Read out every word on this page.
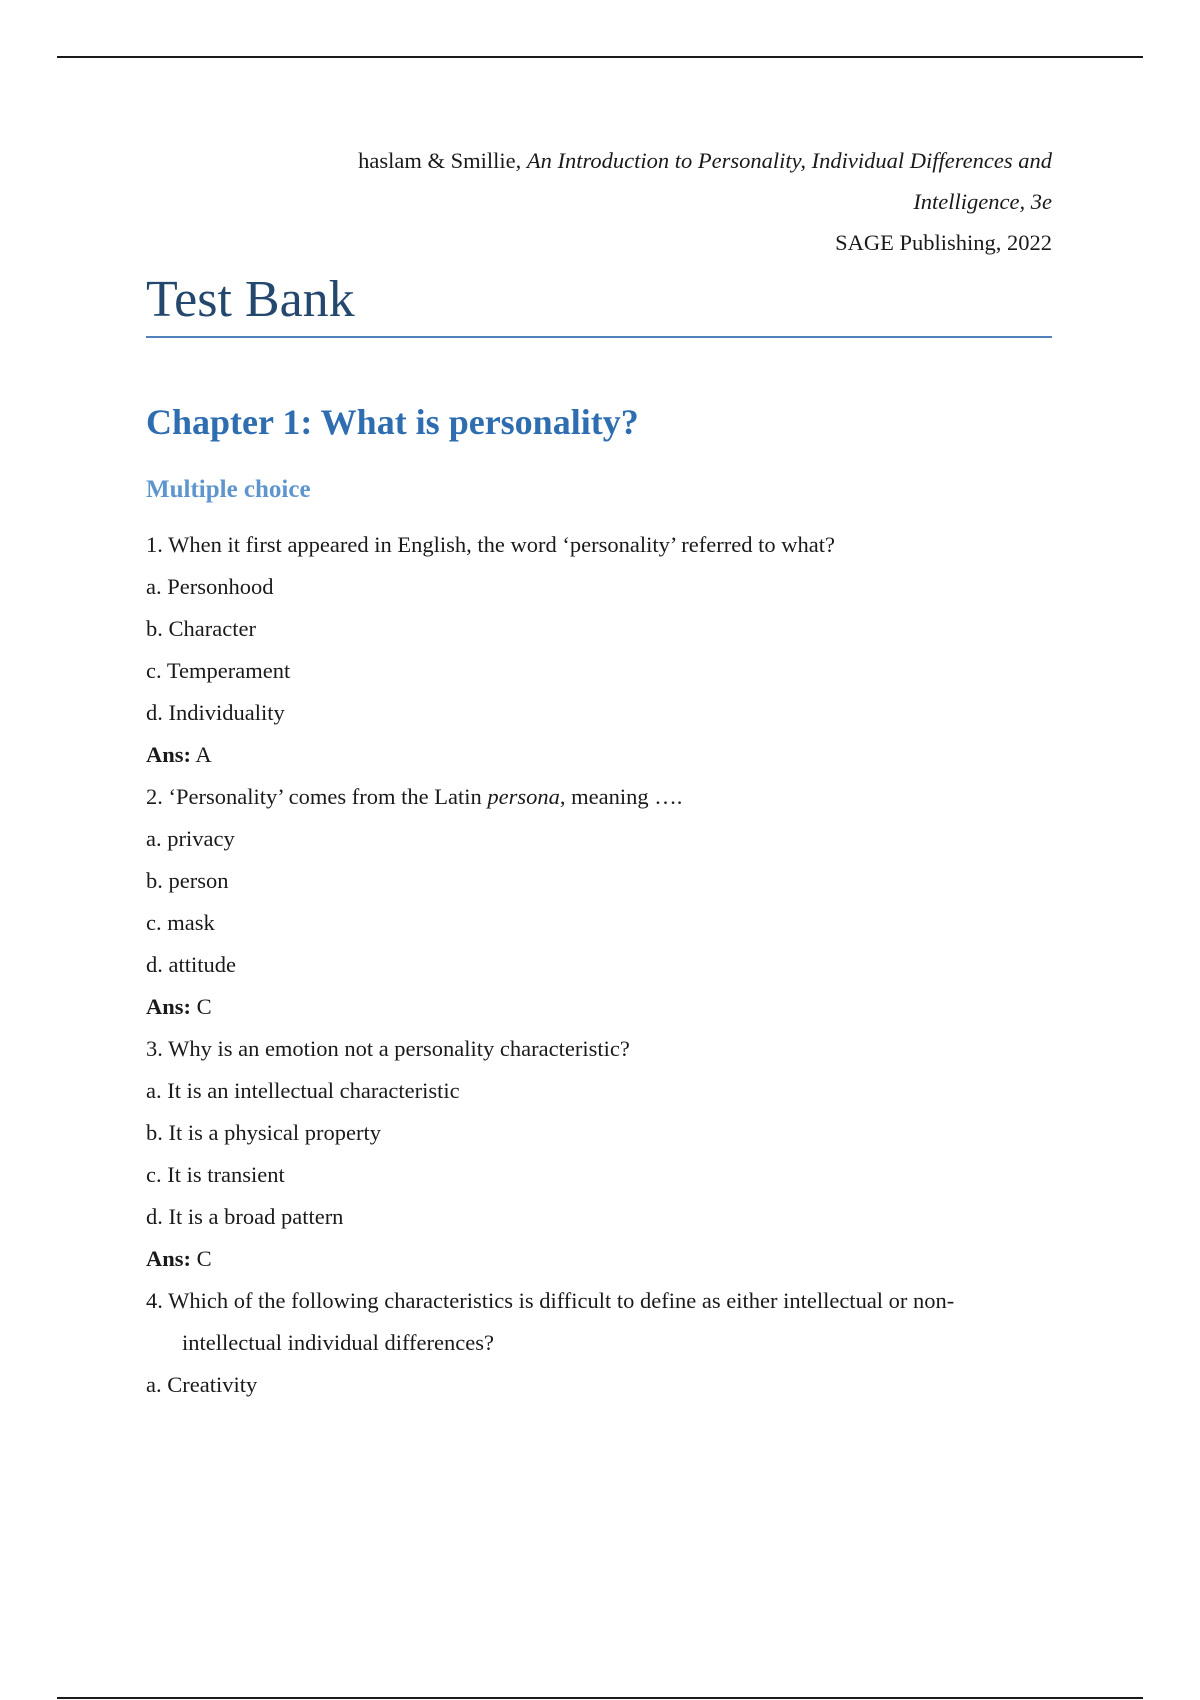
haslam & Smillie, An Introduction to Personality, Individual Differences and
Intelligence, 3e
SAGE Publishing, 2022
Test Bank
Chapter 1: What is personality?
Multiple choice

1. When it first appeared in English, the word ‘personality’ referred to what?

a. Personhood

b. Character

c. Temperament

d. Individuality

Ans: A

2. ‘Personality’ comes from the Latin persona, meaning ….

a. privacy

b. person

c. mask

d. attitude

Ans: C

3. Why is an emotion not a personality characteristic?

a. It is an intellectual characteristic

b. It is a physical property

c. It is transient

d. It is a broad pattern

Ans: C

4. Which of the following characteristics is difficult to define as either intellectual or non-intellectual individual differences?

a. Creativity
